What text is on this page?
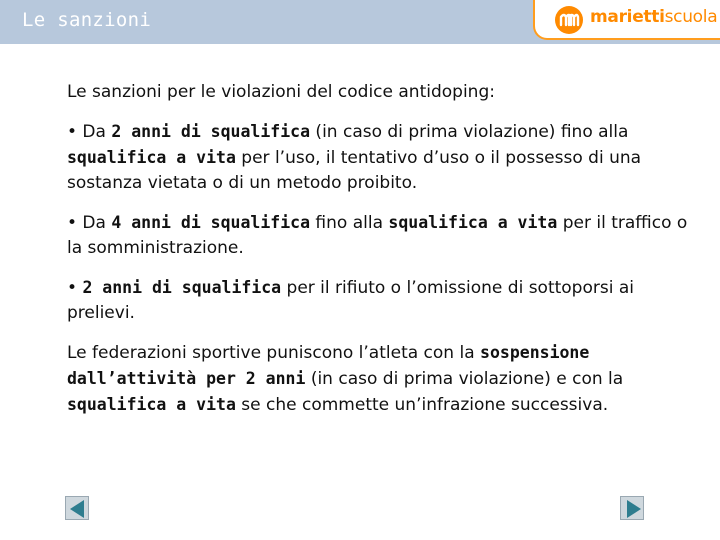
Le sanzioni	mariettiscuola

Le sanzioni per le violazioni del codice antidoping:

• Da 2 anni di squalifica (in caso di prima violazione) fino alla squalifica a vita per l’uso, il tentativo d’uso o il possesso di una sostanza vietata o di un metodo proibito.

• Da 4 anni di squalifica fino alla squalifica a vita per il traffico o la somministrazione.

• 2 anni di squalifica per il rifiuto o l’omissione di sottoporsi ai prelievi.

Le federazioni sportive puniscono l’atleta con la sospensione dall’attività per 2 anni (in caso di prima violazione) e con la squalifica a vita se che commette un’infrazione successiva.
